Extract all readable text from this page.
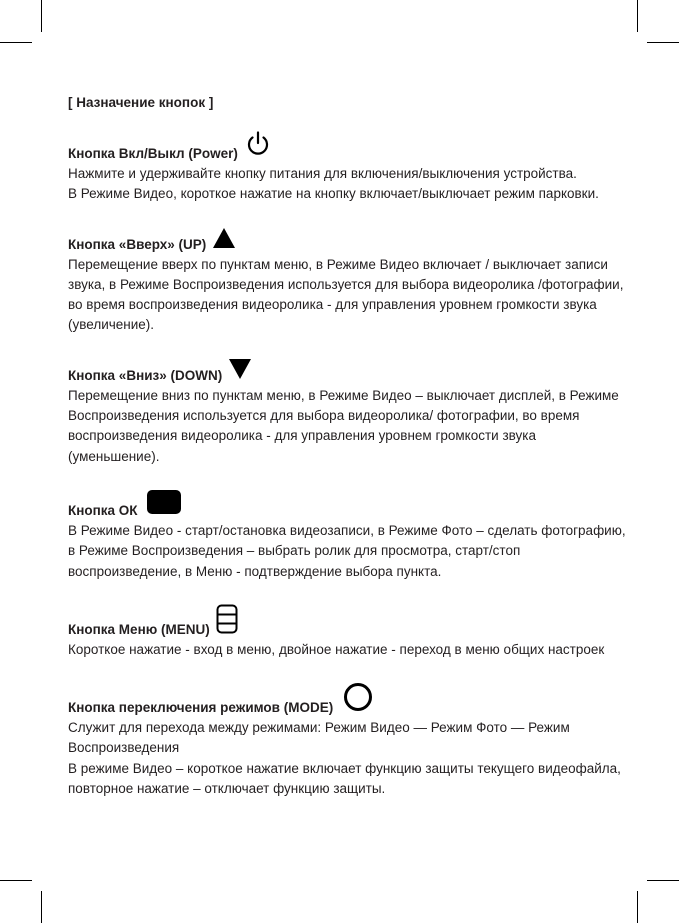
[ Назначение кнопок ]

Кнопка Вкл/Выкл (Power)

Нажмите и удерживайте кнопку питания для включения/выключения устройства.

В Режиме Видео, короткое нажатие на кнопку включает/выключает режим парковки.

Кнопка «Вверх» (UP)

Перемещение вверх по пунктам меню, в Режиме Видео включает / выключает записи звука, в Режиме Воспроизведения используется для выбора видеоролика /фотографии, во время воспроизведения видеоролика - для управления уровнем громкости звука (увеличение).

Кнопка «Вниз» (DOWN)

Перемещение вниз по пунктам меню, в Режиме Видео – выключает дисплей, в Режиме Воспроизведения используется для выбора видеоролика/ фотографии, во время воспроизведения видеоролика - для управления уровнем громкости звука (уменьшение).

Кнопка ОК

В Режиме Видео - старт/остановка видеозаписи, в Режиме Фото – сделать фотографию, в Режиме Воспроизведения – выбрать ролик для просмотра, старт/стоп воспроизведение, в Меню - подтверждение выбора пункта.

Кнопка Меню (MENU)

Короткое нажатие - вход в меню, двойное нажатие - переход в меню общих настроек

Кнопка переключения режимов (MODE)

Служит для перехода между режимами: Режим Видео — Режим Фото — Режим Воспроизведения

В режиме Видео – короткое нажатие включает функцию защиты текущего видеофайла, повторное нажатие – отключает функцию защиты.
